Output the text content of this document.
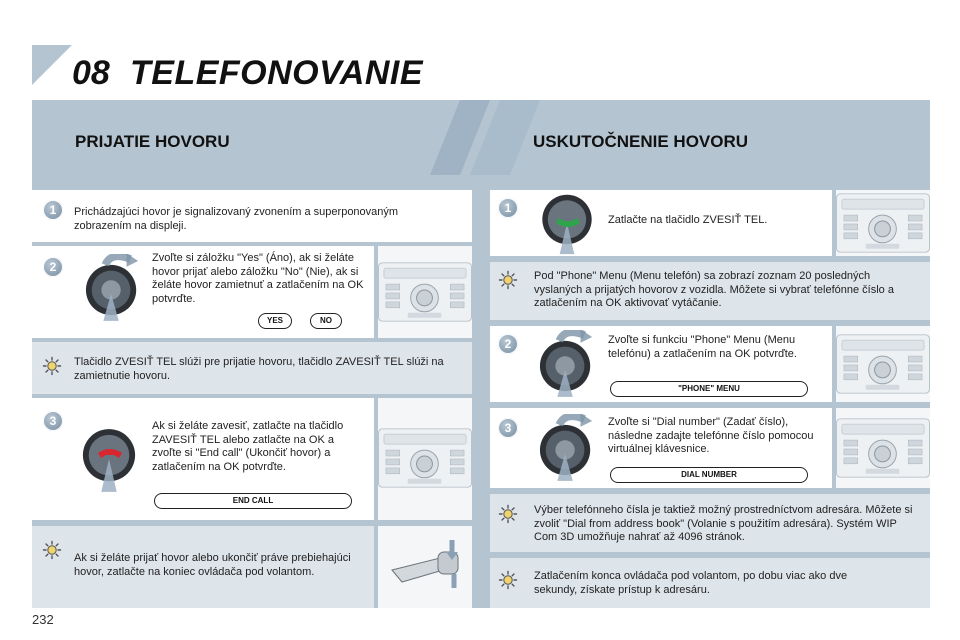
08 TELEFONOVANIE
PRIJATIE HOVORU	USKUTOČNENIE HOVORU
1	Prichádzajúci hovor je signalizovaný zvonením a superponovaným zobrazením na displeji.
2
Zvoľte si záložku "Yes" (Áno), ak si želáte hovor prijať alebo záložku "No" (Nie), ak si želáte hovor zamietnuť a zatlačením na OK potvrďte.
YES	NO
Tlačidlo ZVESIŤ TEL slúži pre prijatie hovoru, tlačidlo ZAVESIŤ TEL slúži na zamietnutie hovoru.
3	Ak si želáte zavesiť, zatlačte na tlačidlo ZAVESIŤ TEL alebo zatlačte na OK a zvoľte si "End call" (Ukončiť hovor) a zatlačením na OK potvrďte.
END CALL
Ak si želáte prijať hovor alebo ukončiť práve prebiehajúci hovor, zatlačte na koniec ovládača pod volantom.
1
Zatlačte na tlačidlo ZVESIŤ TEL.
Pod "Phone" Menu (Menu telefón) sa zobrazí zoznam 20 posledných vyslaných a prijatých hovorov z vozidla. Môžete si vybrať telefónne číslo a zatlačením na OK aktivovať vytáčanie.
2	Zvoľte si funkciu "Phone" Menu (Menu telefónu) a zatlačením na OK potvrďte.
"PHONE" MENU
3	Zvoľte si "Dial number" (Zadať číslo), následne zadajte telefónne číslo pomocou virtuálnej klávesnice.
DIAL NUMBER
Výber telefónneho čísla je taktiež možný prostredníctvom adresára. Môžete si zvoliť "Dial from address book" (Volanie s použitím adresára). Systém WIP Com 3D umožňuje nahrať až 4096 stránok.
Zatlačením konca ovládača pod volantom, po dobu viac ako dve sekundy, získate prístup k adresáru.
232
